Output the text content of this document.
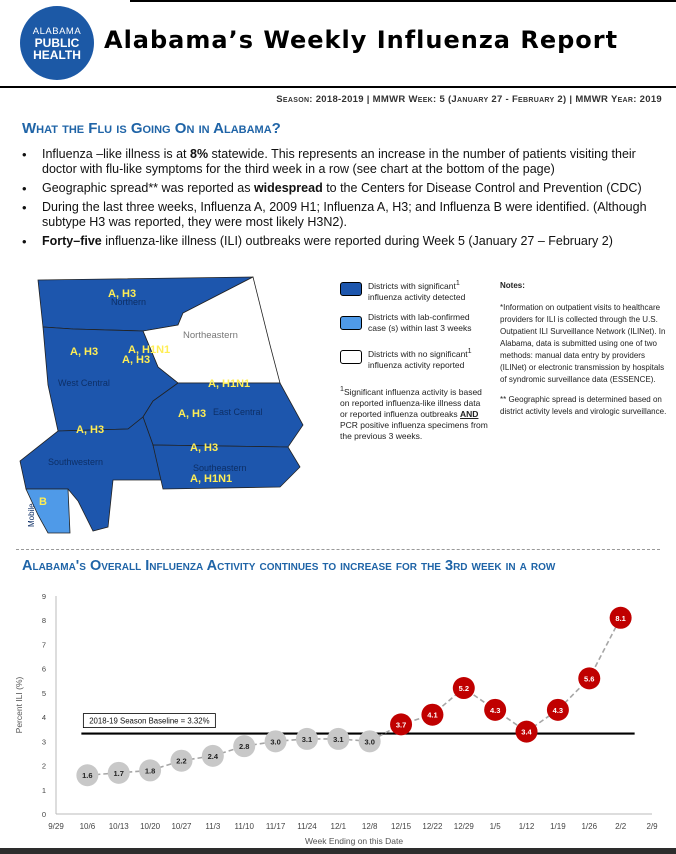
ALABAMA
PUBLIC
HEALTH
Alabama’s Weekly Influenza Report
Season: 2018-2019 | MMWR Week: 5 (January 27 - February 2) | MMWR Year: 2019
What the Flu is Going On in Alabama?
• Influenza –like illness is at 8% statewide. This represents an increase in the number of patients visiting their doctor with flu-like symptoms for the third week in a row (see chart at the bottom of the page)
• Geographic spread** was reported as widespread to the Centers for Disease Control and Prevention (CDC)
• During the last three weeks, Influenza A, 2009 H1; Influenza A, H3; and Influenza B were identified. (Although subtype H3 was reported, they were most likely H3N2).
• Forty–five influenza-like illness (ILI) outbreaks were reported during Week 5 (January 27 – February 2)
A, H3
Northern
Northeastern
A, H3	A, H1N1
A, H3
West Central	A, H1N1
A, H3 East Central
A, H3
Southwestern
A, H3
Southeastern
A, H1N1
B
Mobile
Districts with significant$^1$
influenza activity detected
Districts with lab-confirmed
case (s) within last 3 weeks
Districts with no significant$^1$
influenza activity reported
$^1$Significant influenza activity is based on reported influenza-like illness data or reported influenza outbreaks AND PCR positive influenza specimens from the previous 3 weeks.
Notes:

*Information on outpatient visits to healthcare providers for ILI is collected through the U.S. Outpatient ILI Surveillance Network (ILINet). In Alabama, data is submitted using one of two methods: manual data entry by providers (ILINet) or electronic transmission by hospitals of syndromic surveillance data (ESSENCE).

** Geographic spread is determined based on district activity levels and virologic surveillance.

Alabama's Overall Influenza Activity continues to increase for the 3rd week in a row
0
1
2
3
4
5
6
7
8
9
9/29 10/6 10/13 10/20 10/27 11/3 11/10 11/17 11/24 12/1 12/8 12/15 12/22 12/29 1/5 1/12 1/19 1/26 2/2	2/9
Percent ILI (%)
Week Ending on this Date
2018-19 Season Baseline = 3.32%
1.6	1.7	1.8
2.2
2.4
2.8
3.0	3.1	3.1	3.0
3.7
4.1
5.2
4.3
3.4
4.3
5.6
8.1
